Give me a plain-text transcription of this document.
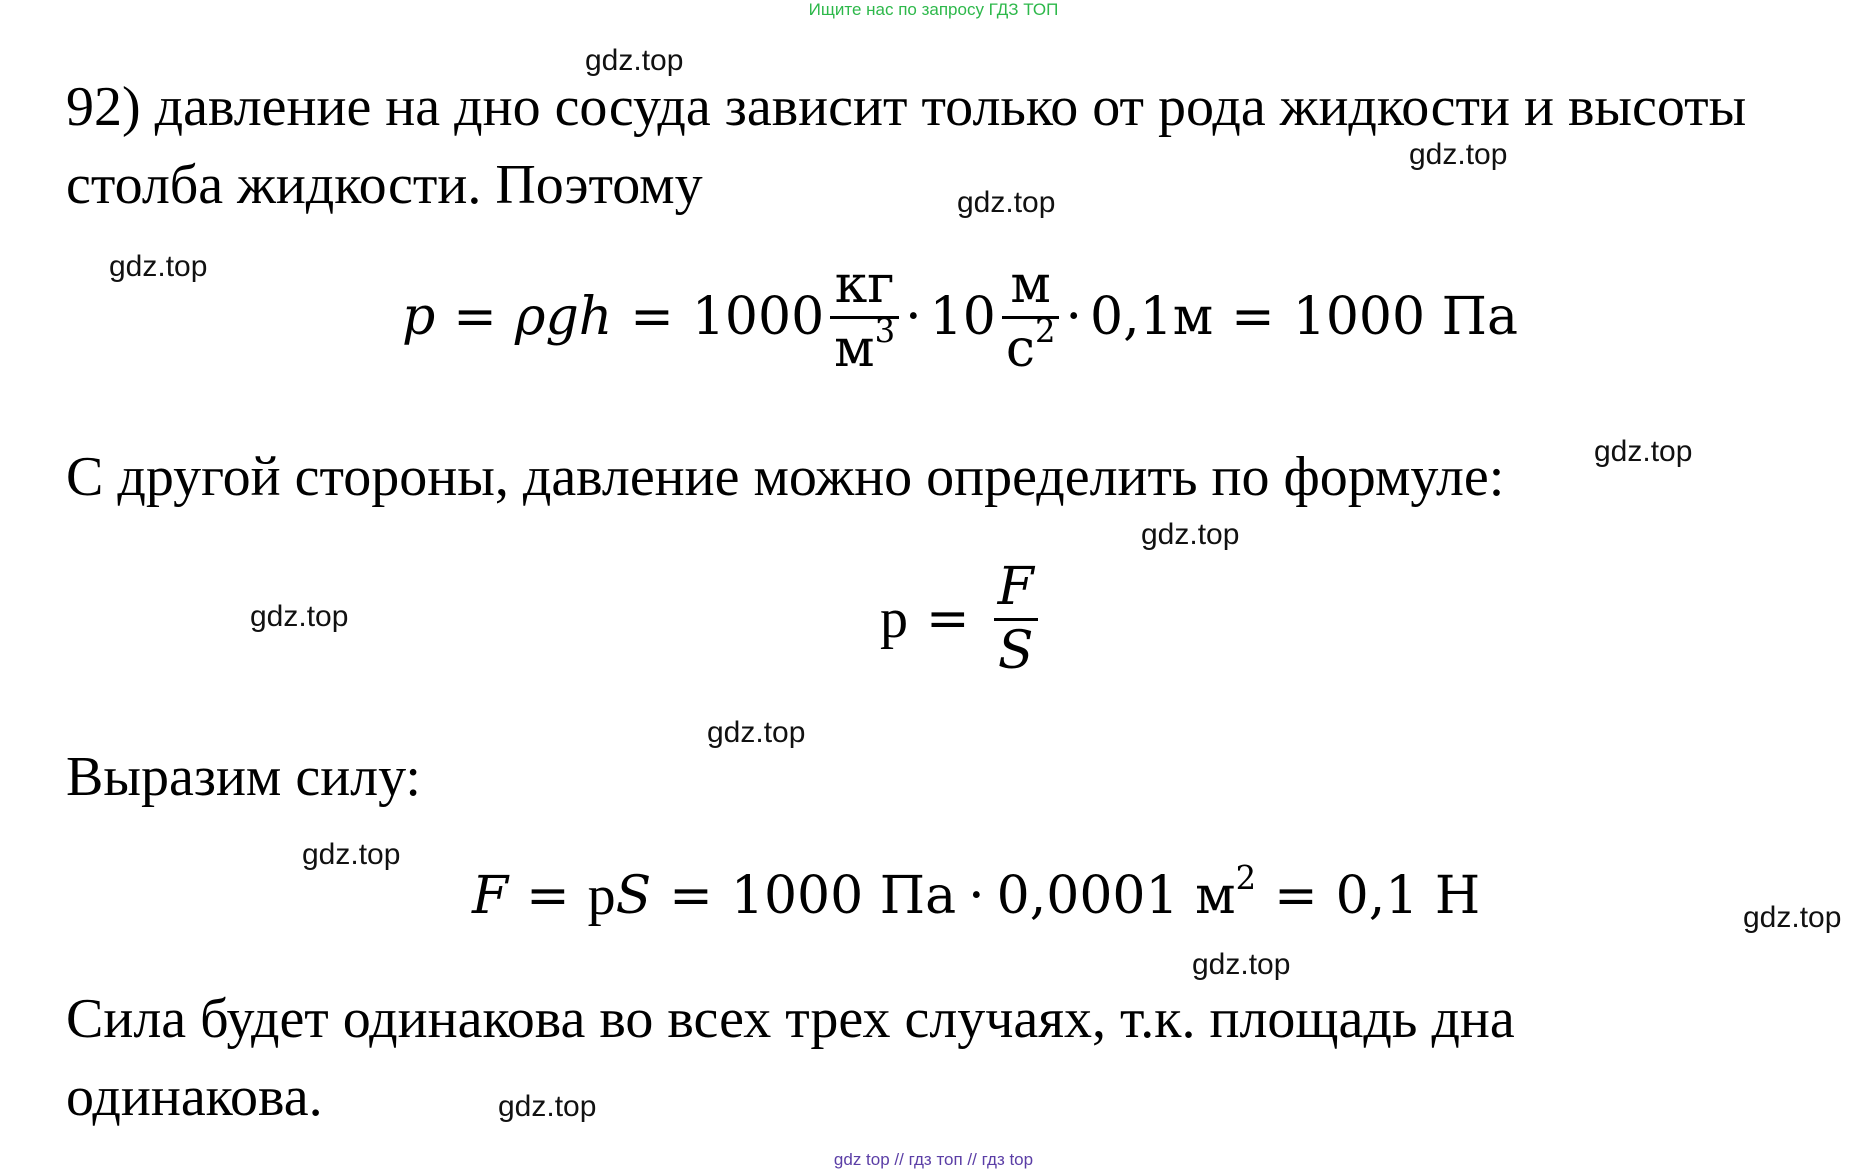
Ищите нас по запросу ГДЗ ТОП
gdz top // гдз топ // гдз top
92) давление на дно сосуда зависит только от рода жидкости и высоты
столба жидкости. Поэтому
$p = \rho gh = 1000 \frac{кг}{м^3} \cdot 10 \frac{м}{с^2} \cdot 0,1м = 1000$ Па
С другой стороны, давление можно определить по формуле:
$p = \frac{F}{S}$
Выразим силу:
F = p S = 1000 Па · 0,0001 $м^2 = 0,1$ Н
Сила будет одинакова во всех трех случаях, т.к. площадь дна
одинакова.
gdz.top
gdz.top
gdz.top
gdz.top
gdz.top
gdz.top
gdz.top
gdz.top
gdz.top
gdz.top
gdz.top
gdz.top
